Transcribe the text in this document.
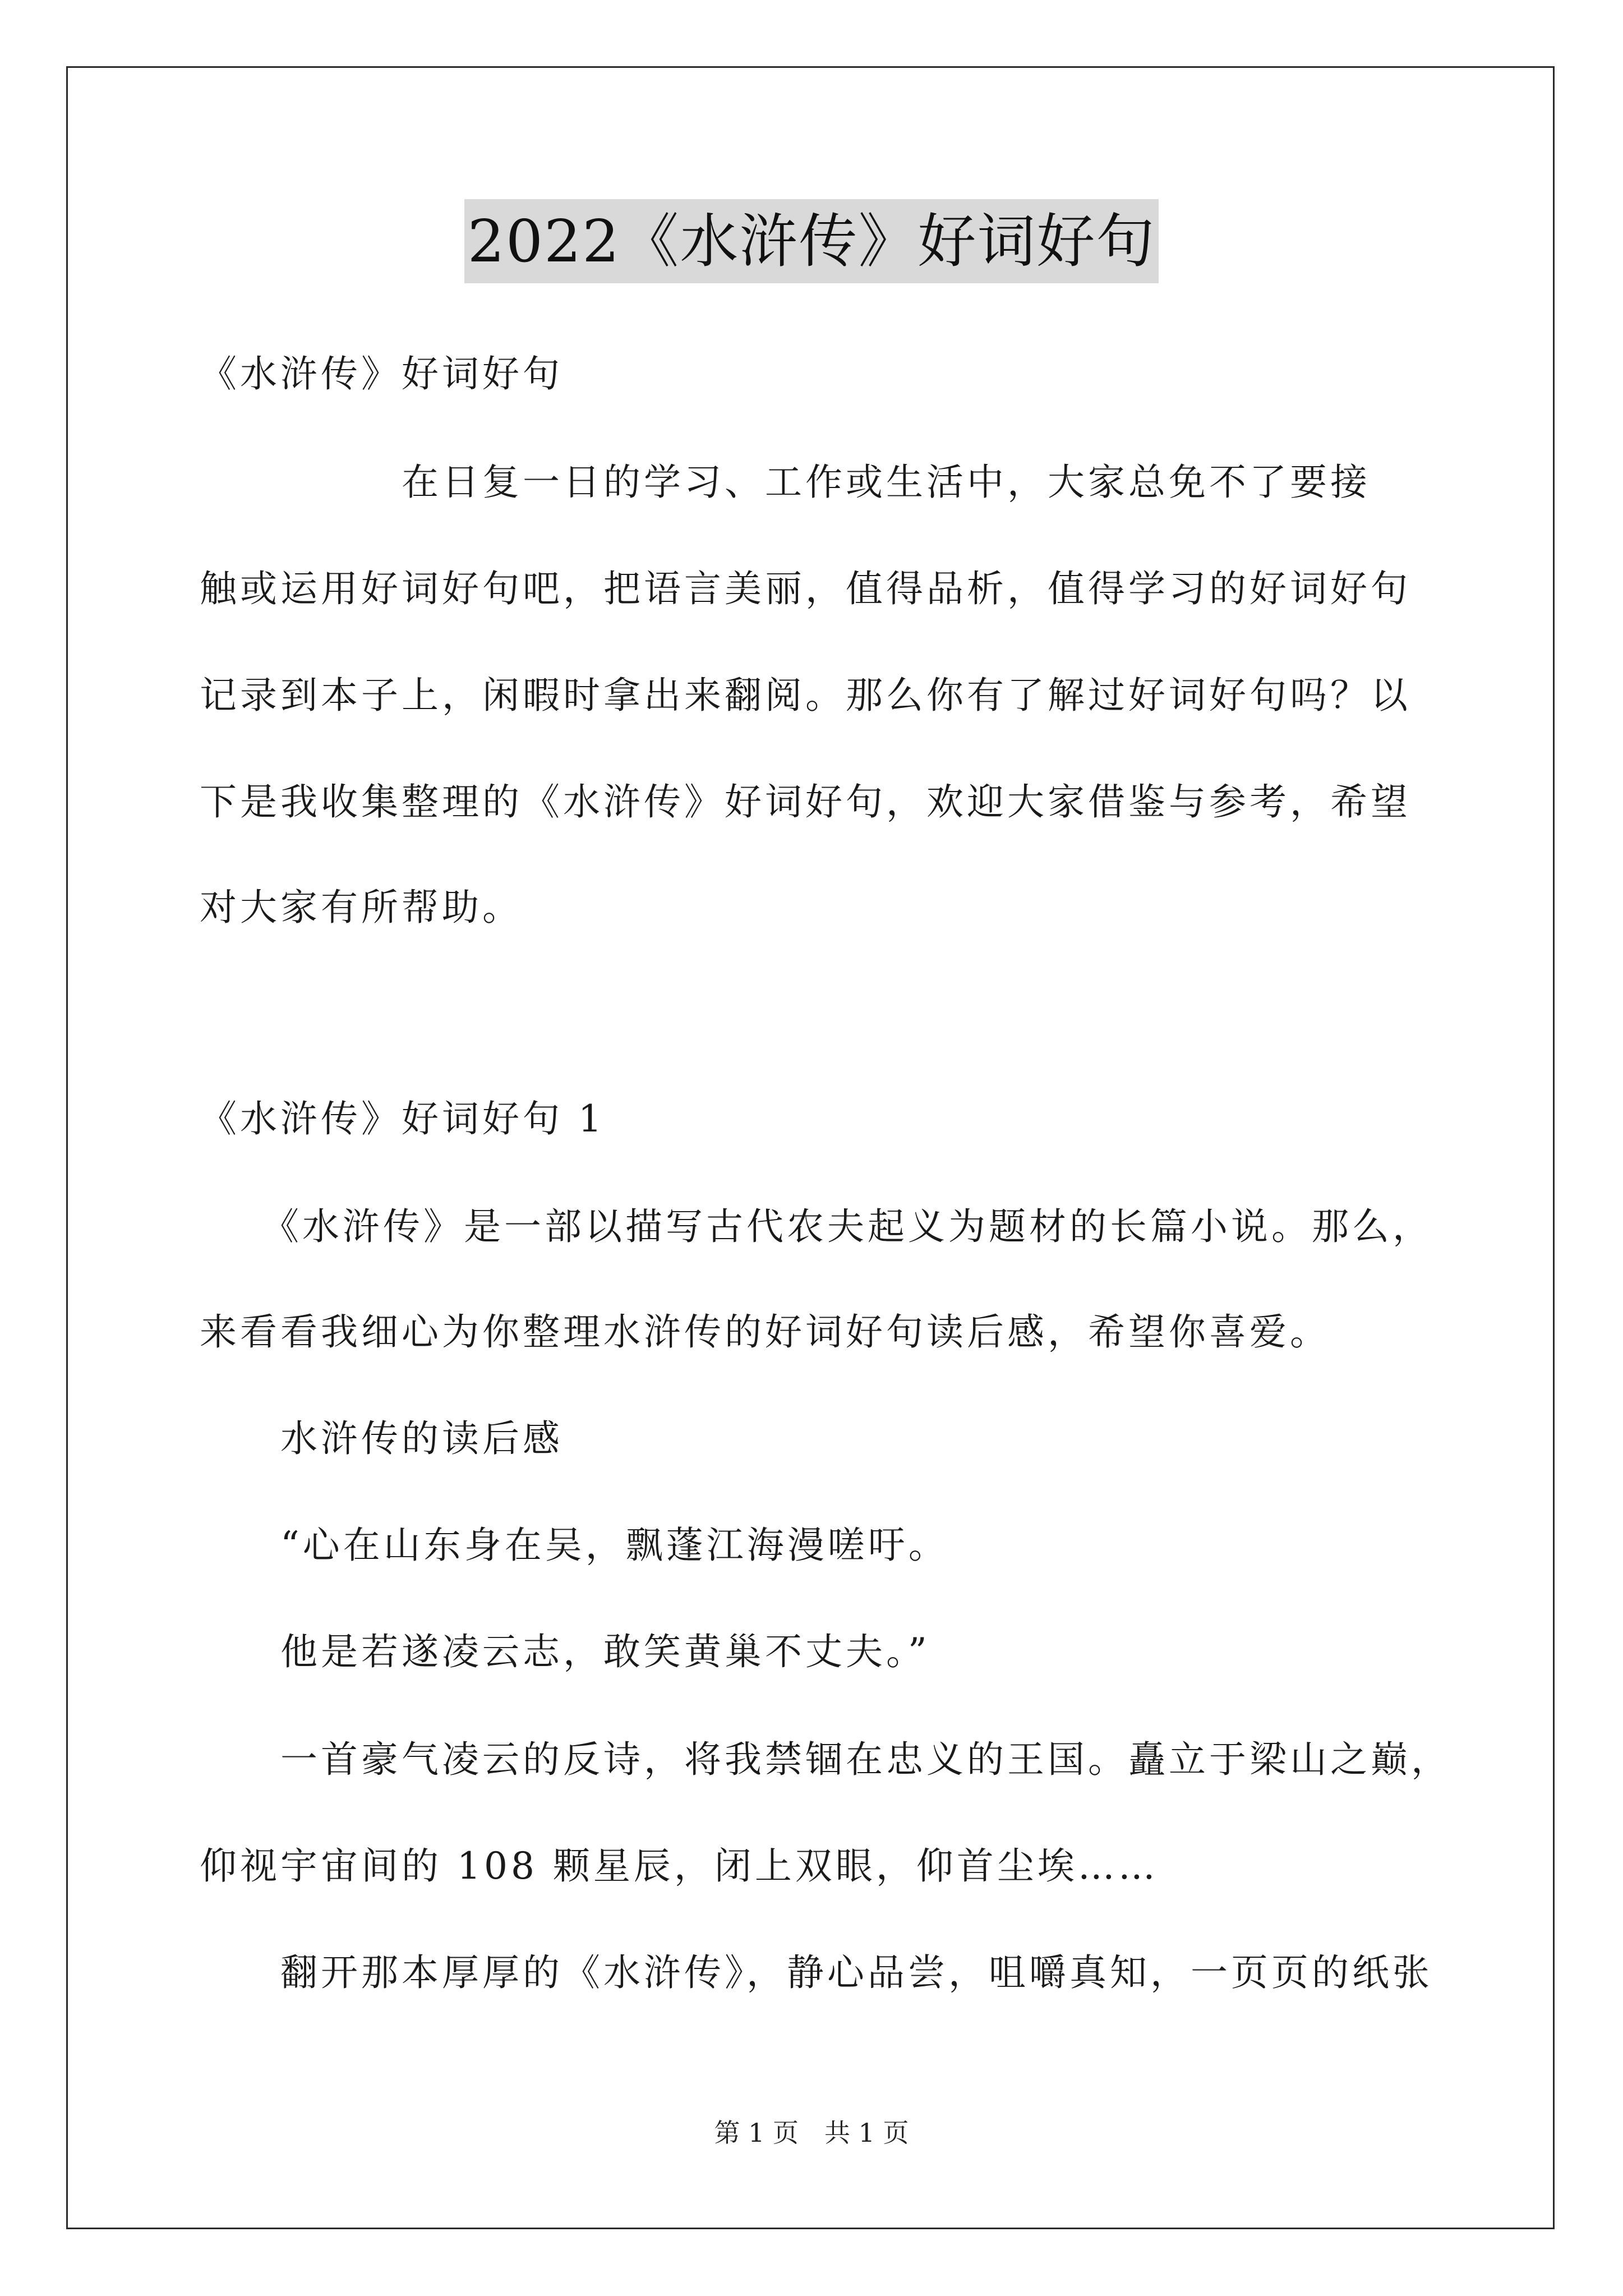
2022《水浒传》好词好句
《水浒传》好词好句
　　　　　在日复一日的学习、工作或生活中，大家总免不了要接
触或运用好词好句吧，把语言美丽，值得品析，值得学习的好词好句
记录到本子上，闲暇时拿出来翻阅。那么你有了解过好词好句吗？以
下是我收集整理的《水浒传》好词好句，欢迎大家借鉴与参考，希望
对大家有所帮助。
《水浒传》好词好句 1
　　《水浒传》是一部以描写古代农夫起义为题材的长篇小说。那么，
来看看我细心为你整理水浒传的好词好句读后感，希望你喜爱。
　　水浒传的读后感
　　“心在山东身在吴，飘蓬江海漫嗟吁。
　　他是若遂凌云志，敢笑黄巢不丈夫。”
　　一首豪气凌云的反诗，将我禁锢在忠义的王国。矗立于梁山之巅，
仰视宇宙间的 108 颗星辰，闭上双眼，仰首尘埃……
　　翻开那本厚厚的《水浒传》，静心品尝，咀嚼真知，一页页的纸张
第 1 页　共 1 页
